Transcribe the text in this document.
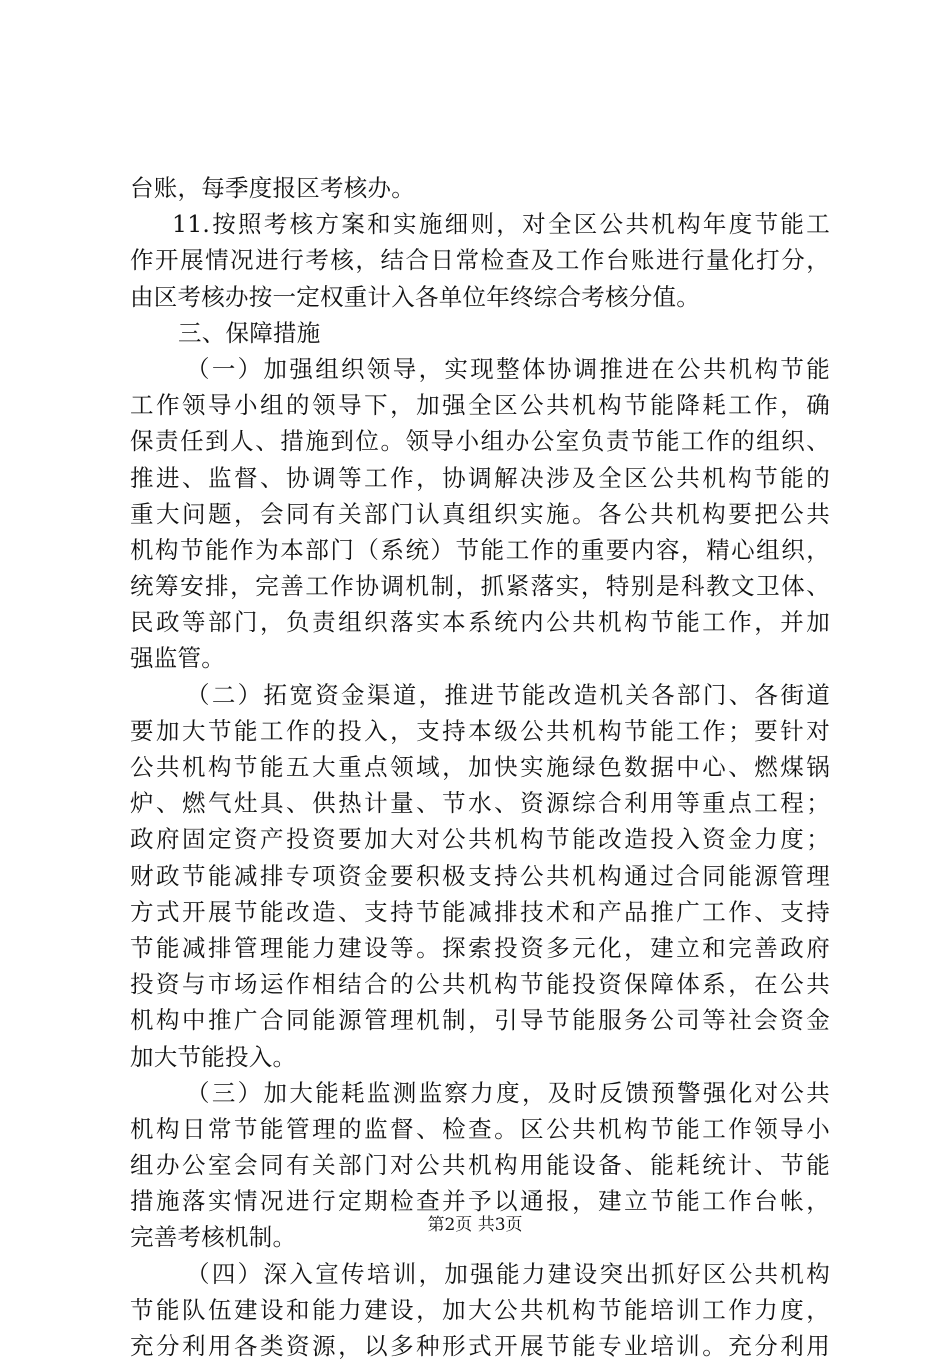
台账，每季度报区考核办。
11.按照考核方案和实施细则，对全区公共机构年度节能工
作开展情况进行考核，结合日常检查及工作台账进行量化打分，
由区考核办按一定权重计入各单位年终综合考核分值。
三、保障措施
（一）加强组织领导，实现整体协调推进在公共机构节能
工作领导小组的领导下，加强全区公共机构节能降耗工作，确
保责任到人、措施到位。领导小组办公室负责节能工作的组织、
推进、监督、协调等工作，协调解决涉及全区公共机构节能的
重大问题，会同有关部门认真组织实施。各公共机构要把公共
机构节能作为本部门（系统）节能工作的重要内容，精心组织，
统筹安排，完善工作协调机制，抓紧落实，特别是科教文卫体、
民政等部门，负责组织落实本系统内公共机构节能工作，并加
强监管。
（二）拓宽资金渠道，推进节能改造机关各部门、各街道
要加大节能工作的投入，支持本级公共机构节能工作；要针对
公共机构节能五大重点领域，加快实施绿色数据中心、燃煤锅
炉、燃气灶具、供热计量、节水、资源综合利用等重点工程；
政府固定资产投资要加大对公共机构节能改造投入资金力度；
财政节能减排专项资金要积极支持公共机构通过合同能源管理
方式开展节能改造、支持节能减排技术和产品推广工作、支持
节能减排管理能力建设等。探索投资多元化，建立和完善政府
投资与市场运作相结合的公共机构节能投资保障体系，在公共
机构中推广合同能源管理机制，引导节能服务公司等社会资金
加大节能投入。
（三）加大能耗监测监察力度，及时反馈预警强化对公共
机构日常节能管理的监督、检查。区公共机构节能工作领导小
组办公室会同有关部门对公共机构用能设备、能耗统计、节能
措施落实情况进行定期检查并予以通报，建立节能工作台帐，
完善考核机制。
（四）深入宣传培训，加强能力建设突出抓好区公共机构
节能队伍建设和能力建设，加大公共机构节能培训工作力度，
充分利用各类资源，以多种形式开展节能专业培训。充分利用
第2页 共3页
